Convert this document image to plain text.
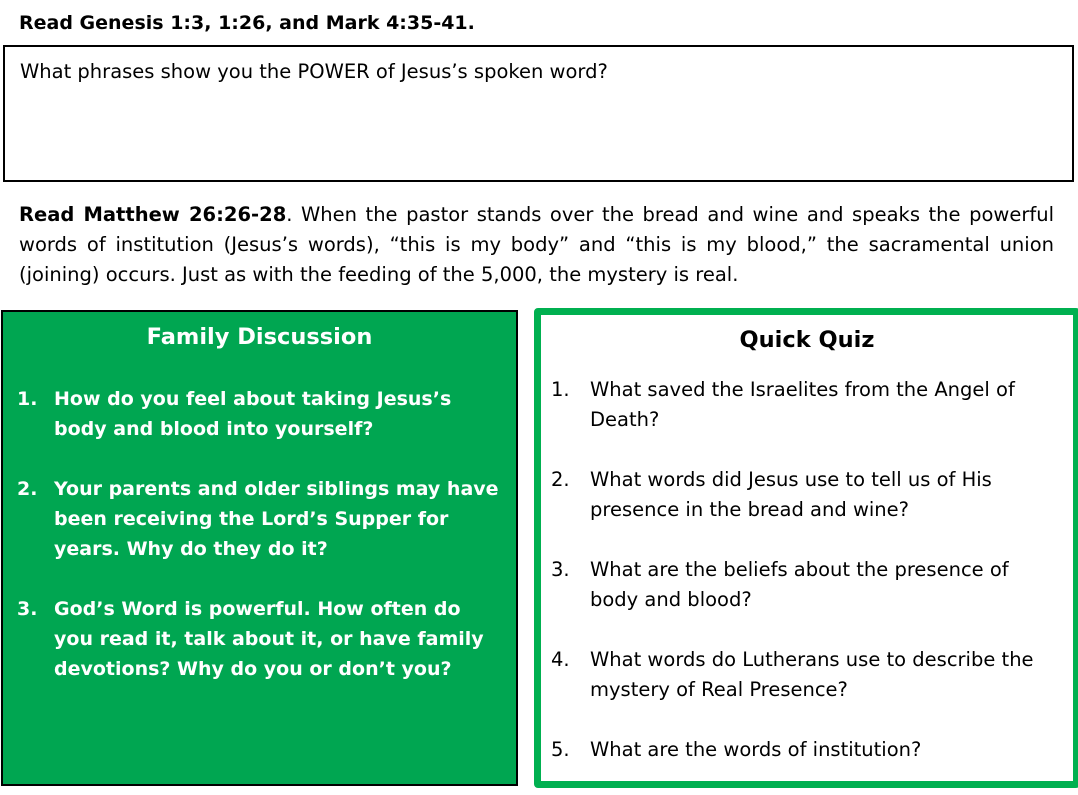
Read Genesis 1:3, 1:26, and Mark 4:35-41.
What phrases show you the POWER of Jesus’s spoken word?
Read Matthew 26:26-28. When the pastor stands over the bread and wine and speaks the powerful words of institution (Jesus’s words), “this is my body” and “this is my blood,” the sacramental union (joining) occurs. Just as with the feeding of the 5,000, the mystery is real.
Family Discussion
1. How do you feel about taking Jesus’s body and blood into yourself?
2. Your parents and older siblings may have been receiving the Lord’s Supper for years. Why do they do it?
3. God’s Word is powerful. How often do you read it, talk about it, or have family devotions? Why do you or don’t you?
Quick Quiz
1. What saved the Israelites from the Angel of Death?
2. What words did Jesus use to tell us of His presence in the bread and wine?
3. What are the beliefs about the presence of body and blood?
4. What words do Lutherans use to describe the mystery of Real Presence?
5. What are the words of institution?
